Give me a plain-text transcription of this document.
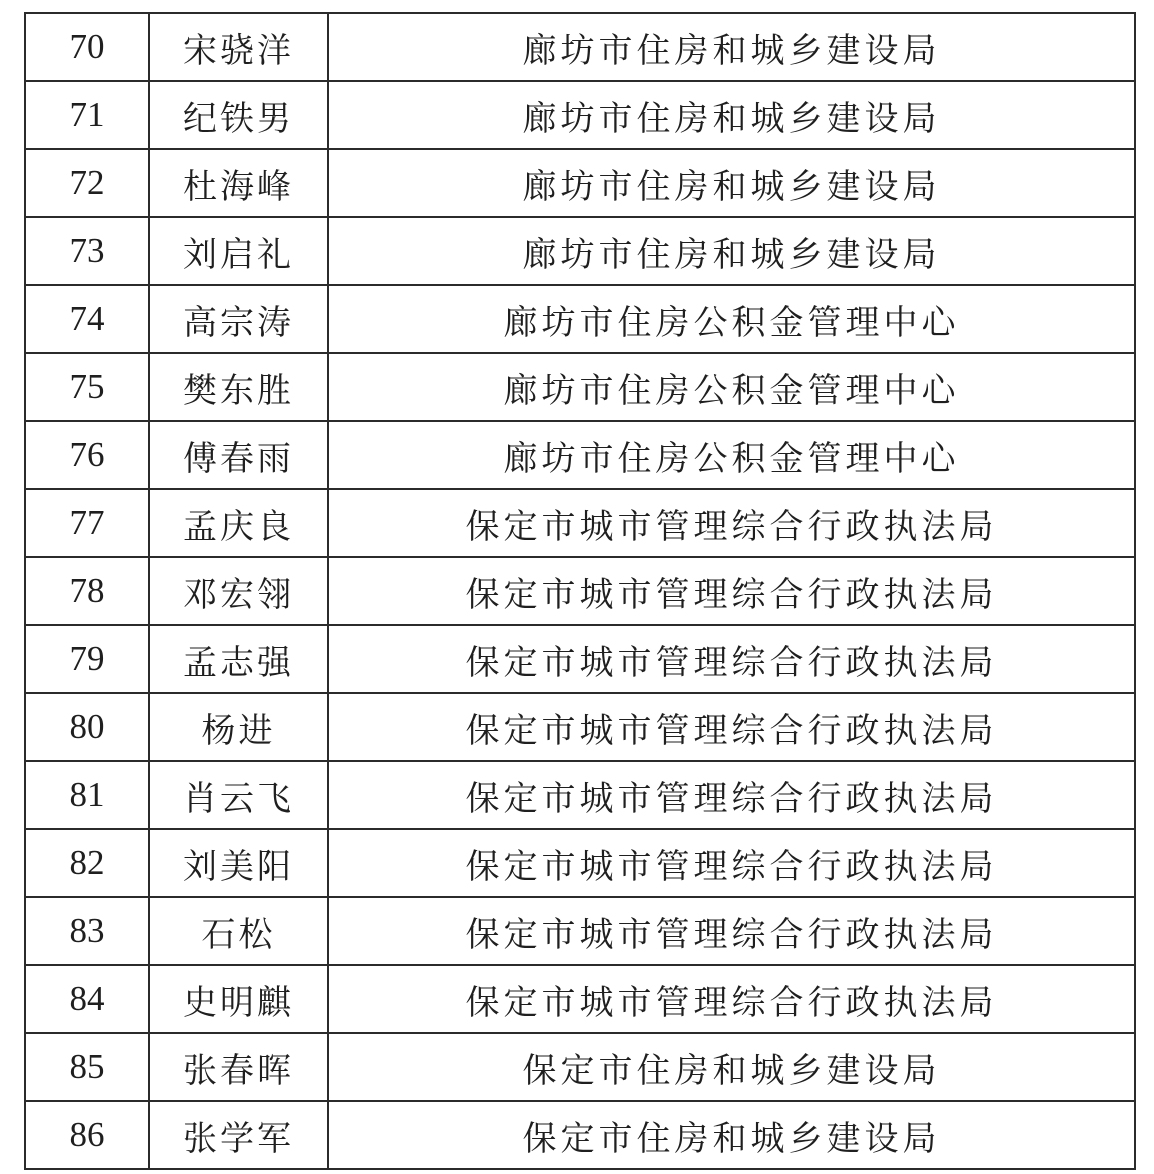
70	宋骁洋	廊坊市住房和城乡建设局
71	纪铁男	廊坊市住房和城乡建设局
72	杜海峰	廊坊市住房和城乡建设局
73	刘启礼	廊坊市住房和城乡建设局
74	高宗涛	廊坊市住房公积金管理中心
75	樊东胜	廊坊市住房公积金管理中心
76	傅春雨	廊坊市住房公积金管理中心
77	孟庆良	保定市城市管理综合行政执法局
78	邓宏翎	保定市城市管理综合行政执法局
79	孟志强	保定市城市管理综合行政执法局
80	杨进	保定市城市管理综合行政执法局
81	肖云飞	保定市城市管理综合行政执法局
82	刘美阳	保定市城市管理综合行政执法局
83	石松	保定市城市管理综合行政执法局
84	史明麒	保定市城市管理综合行政执法局
85	张春晖	保定市住房和城乡建设局
86	张学军	保定市住房和城乡建设局
